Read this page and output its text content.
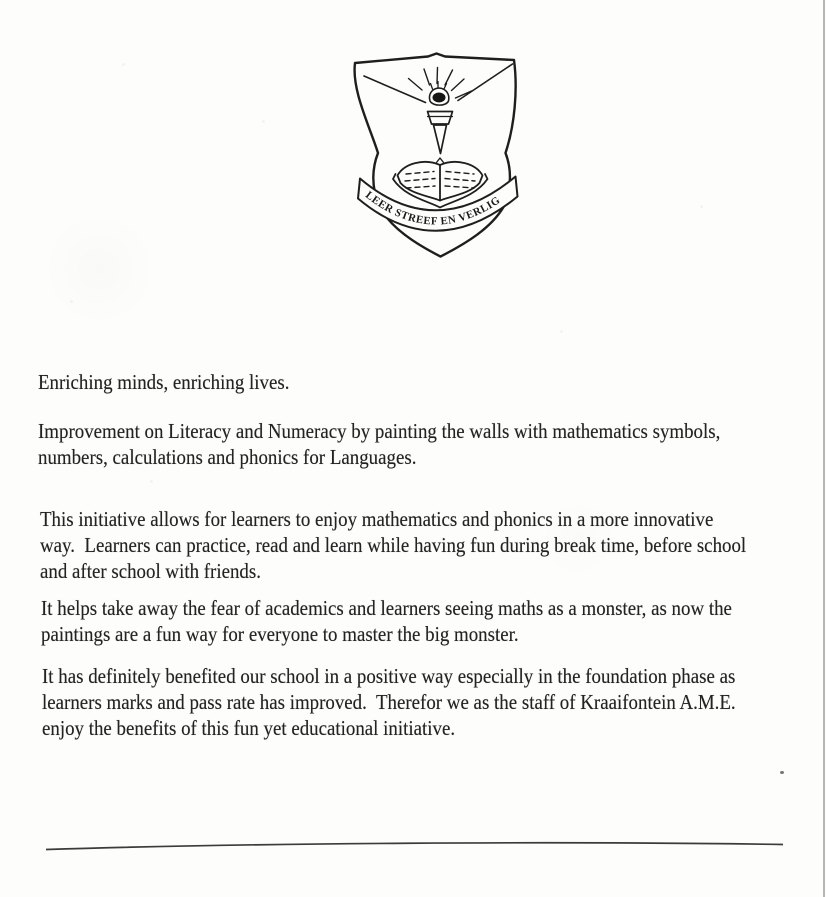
LEER STREEF EN VERLIG
Enriching minds, enriching lives.
Improvement on Literacy and Numeracy by painting the walls with mathematics symbols,
numbers, calculations and phonics for Languages.
This initiative allows for learners to enjoy mathematics and phonics in a more innovative
way.  Learners can practice, read and learn while having fun during break time, before school
and after school with friends.
It helps take away the fear of academics and learners seeing maths as a monster, as now the
paintings are a fun way for everyone to master the big monster.
It has definitely benefited our school in a positive way especially in the foundation phase as
learners marks and pass rate has improved.  Therefor we as the staff of Kraaifontein A.M.E.
enjoy the benefits of this fun yet educational initiative.
